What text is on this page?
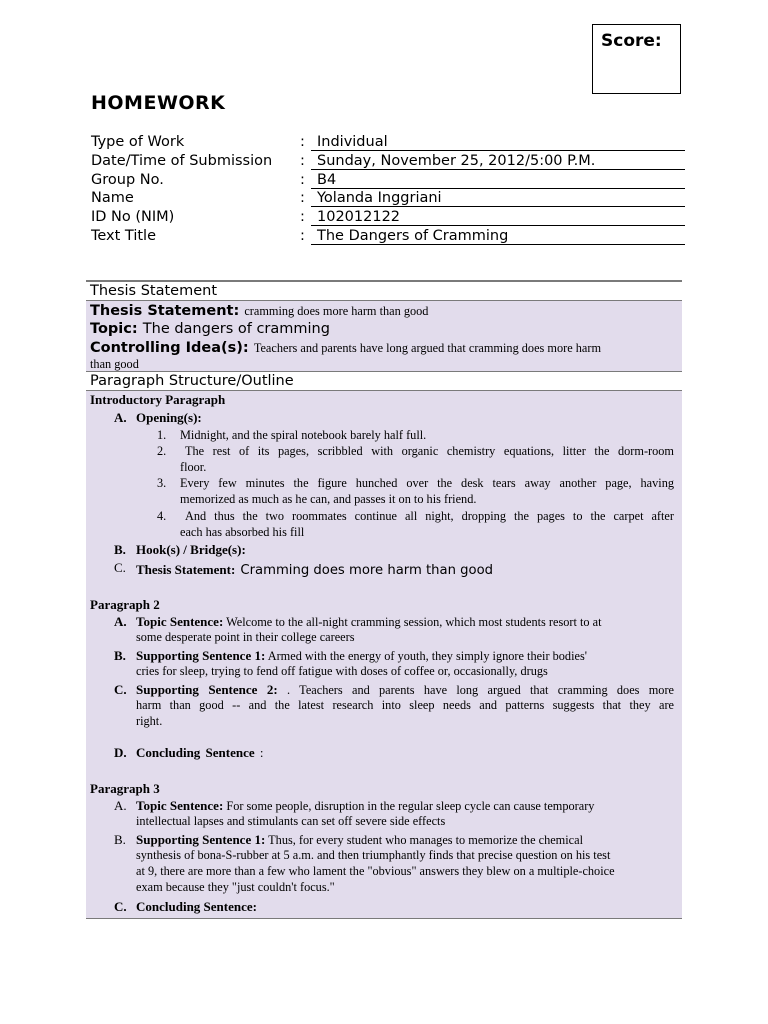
Score:
HOMEWORK
Type of Work	: Individual
Date/Time of Submission : Sunday, November 25, 2012/5:00 P.M.
Group No.	: B4
Name	: Yolanda Inggriani
ID No (NIM)	: 102012122
Text Title	: The Dangers of Cramming
Thesis Statement
Thesis Statement: cramming does more harm than good
Topic: The dangers of cramming
Controlling Idea(s): Teachers and parents have long argued that cramming does more harm
than good
Paragraph Structure/Outline
Introductory Paragraph
A. Opening(s):
1. Midnight, and the spiral notebook barely half full.
2. The rest of its pages, scribbled with organic chemistry equations, litter the dorm-room
floor.
3. Every few minutes the figure hunched over the desk tears away another page, having
memorized as much as he can, and passes it on to his friend.
4. And thus the two roommates continue all night, dropping the pages to the carpet after
each has absorbed his fill
B. Hook(s) / Bridge(s):
C. Thesis Statement: Cramming does more harm than good
Paragraph 2
A. Topic Sentence: Welcome to the all-night cramming session, which most students resort to at
some desperate point in their college careers
B. Supporting Sentence 1: Armed with the energy of youth, they simply ignore their bodies'
cries for sleep, trying to fend off fatigue with doses of coffee or, occasionally, drugs
C. Supporting Sentence 2: . Teachers and parents have long argued that cramming does more
harm than good -- and the latest research into sleep needs and patterns suggests that they are
right.
D. Concluding Sentence :
Paragraph 3
A. Topic Sentence: For some people, disruption in the regular sleep cycle can cause temporary
intellectual lapses and stimulants can set off severe side effects
B. Supporting Sentence 1: Thus, for every student who manages to memorize the chemical
synthesis of bona-S-rubber at 5 a.m. and then triumphantly finds that precise question on his test
at 9, there are more than a few who lament the "obvious" answers they blew on a multiple-choice
exam because they "just couldn't focus."
C. Concluding Sentence:
